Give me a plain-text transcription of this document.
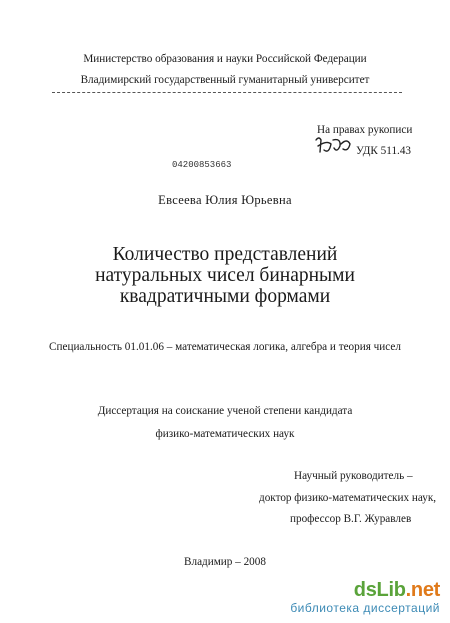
Министерство образования и науки Российской Федерации
Владимирский государственный гуманитарный университет
На правах рукописи
УДК 511.43
04200853663
Евсеева Юлия Юрьевна
Количество представлений
натуральных чисел бинарными
квадратичными формами
Специальность 01.01.06 – математическая логика, алгебра и теория чисел
Диссертация на соискание ученой степени кандидата
физико-математических наук
Научный руководитель –
доктор физико-математических наук,
профессор В.Г. Журавлев
Владимир – 2008
dsLib.net
библиотека диссертаций
